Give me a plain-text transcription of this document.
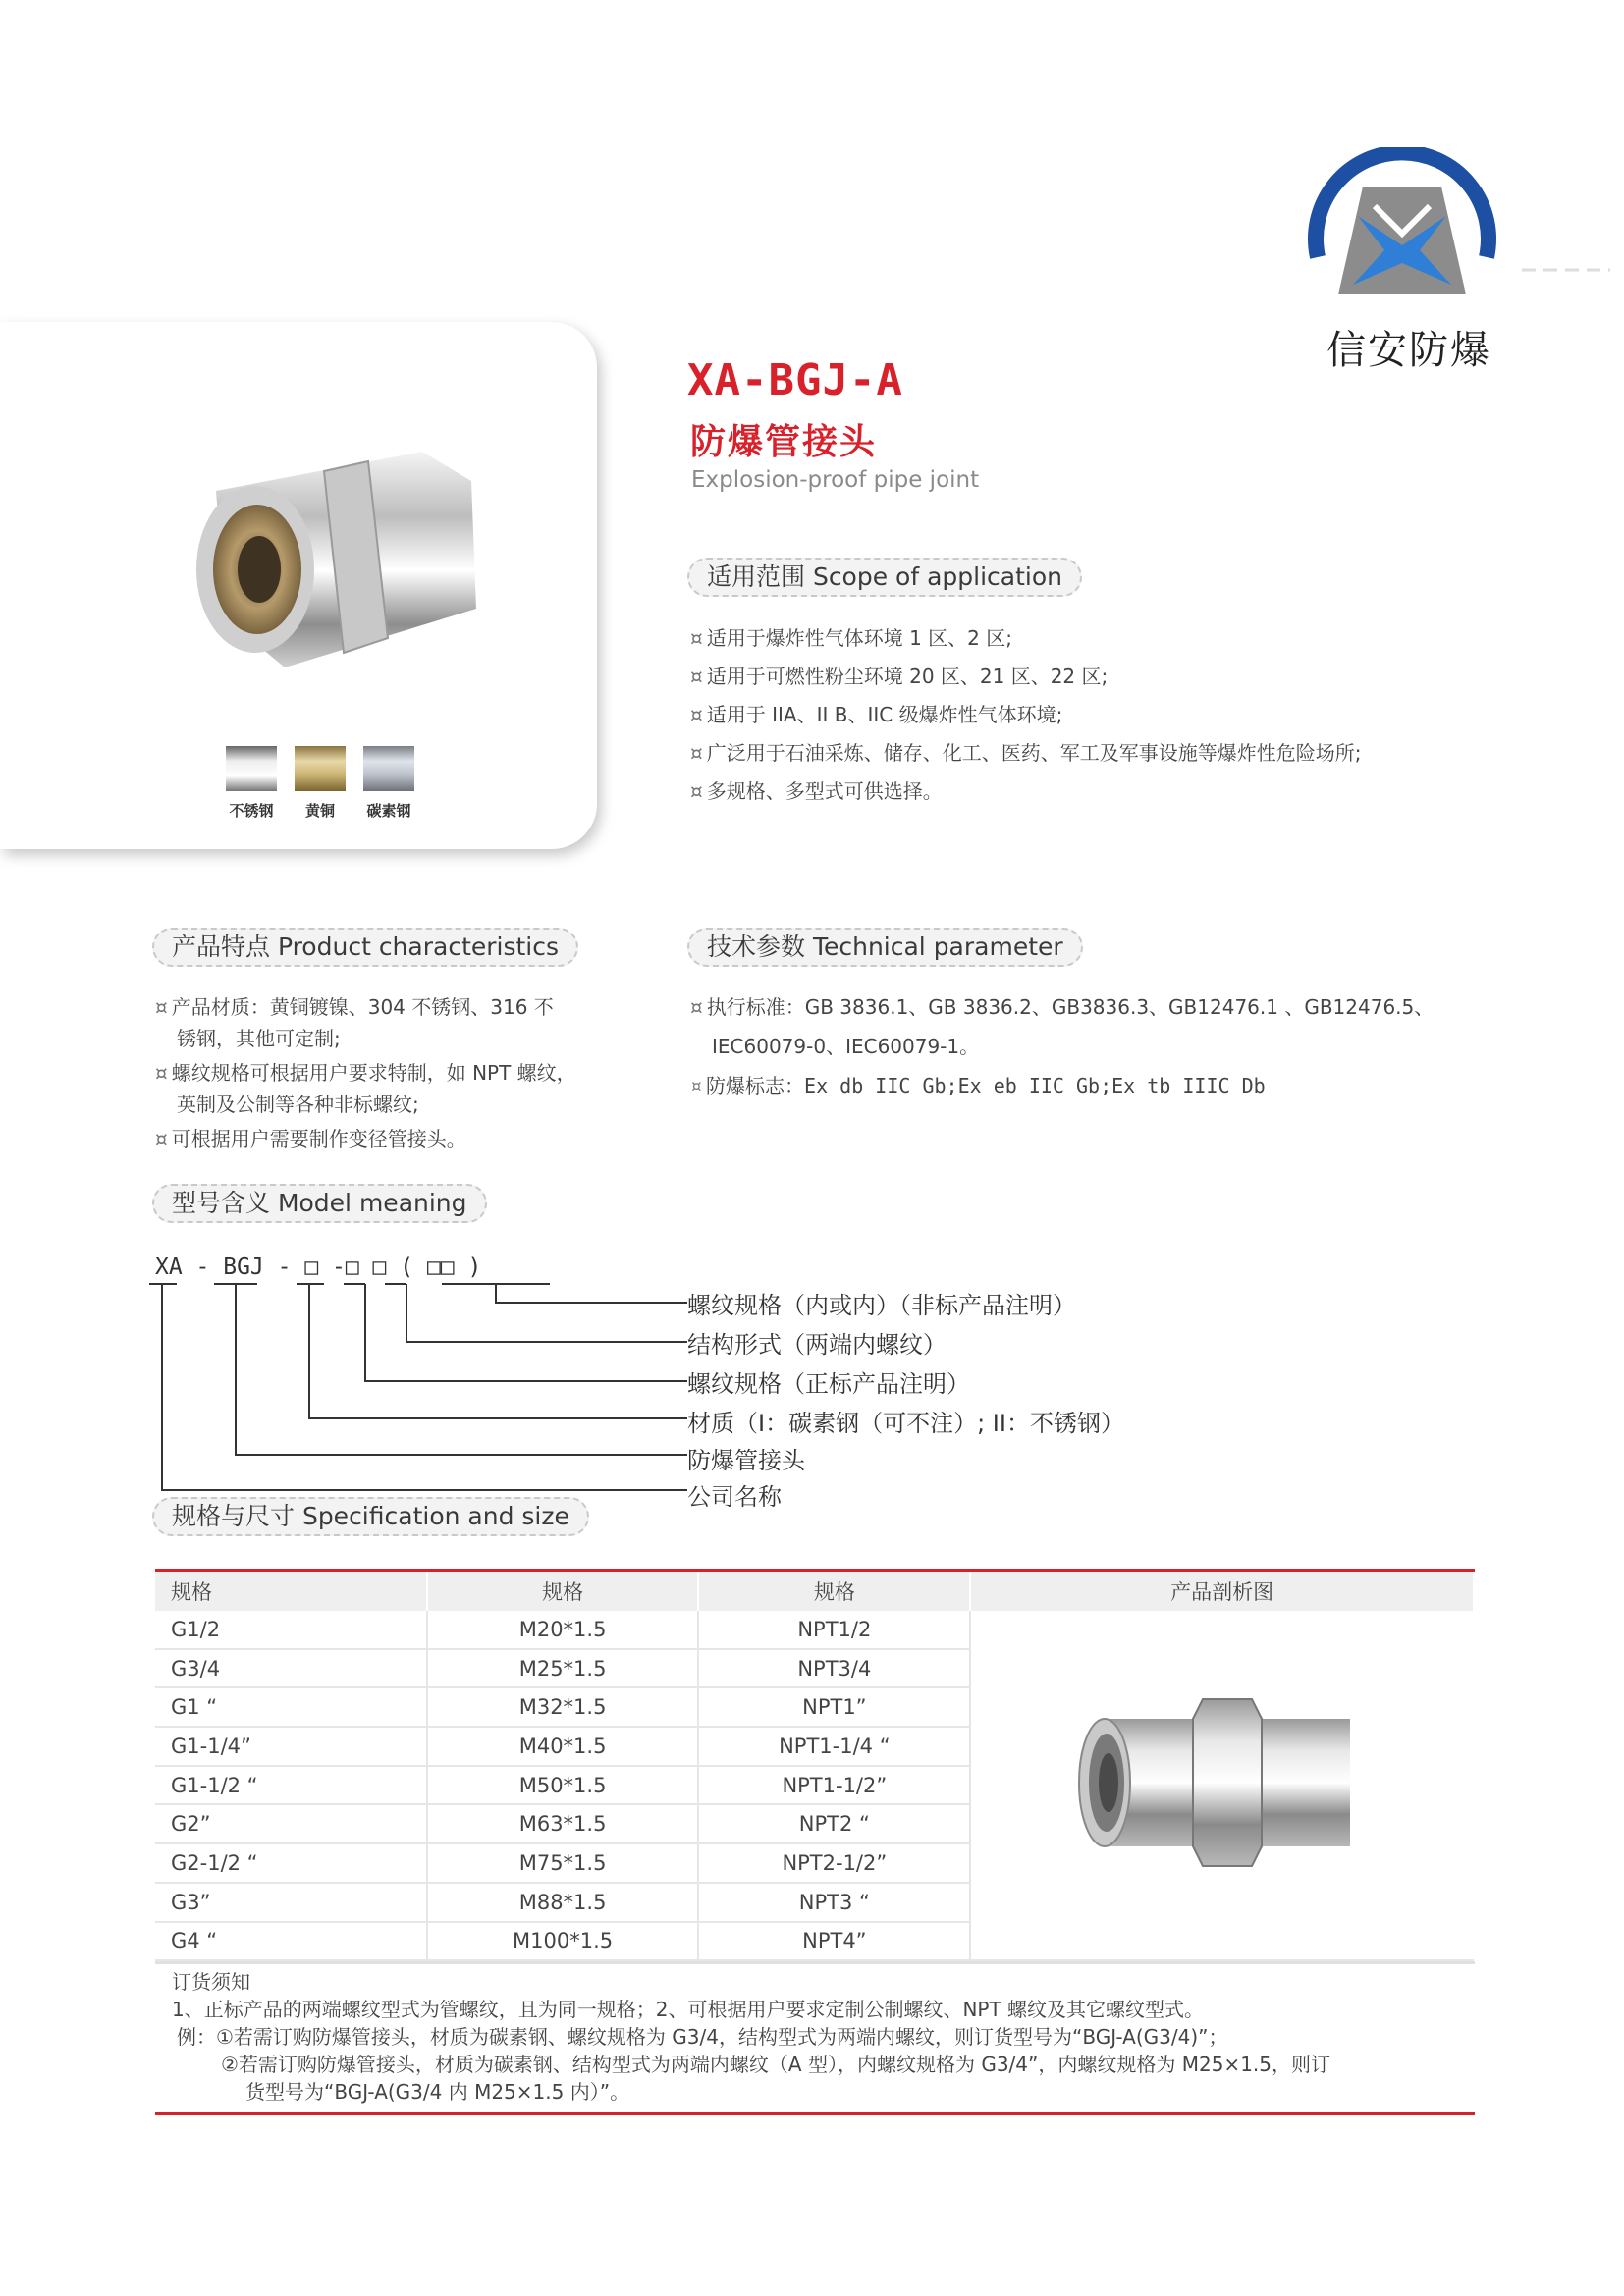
信安防爆
不锈钢	黄铜	碳素钢
XA-BGJ-A
防爆管接头
Explosion-proof pipe joint
适用范围 Scope of application
¤ 适用于爆炸性气体环境 1 区、2 区;
¤ 适用于可燃性粉尘环境 20 区、21 区、22 区;
¤ 适用于 IIA、II B、IIC 级爆炸性气体环境;
¤ 广泛用于石油采炼、储存、化工、医药、军工及军事设施等爆炸性危险场所;
¤ 多规格、多型式可供选择。
产品特点 Product characteristics
¤ 产品材质：黄铜镀镍、304 不锈钢、316 不
锈钢，其他可定制;
¤ 螺纹规格可根据用户要求特制，如 NPT 螺纹，
英制及公制等各种非标螺纹;
¤ 可根据用户需要制作变径管接头。
技术参数 Technical parameter
¤ 执行标准：GB 3836.1、GB 3836.2、GB3836.3、GB12476.1 、GB12476.5、
IEC60079-0、IEC60079-1。
¤ 防爆标志：Ex db IIC Gb;Ex eb IIC Gb;Ex tb IIIC Db
型号含义 Model meaning
XA - BGJ - □ -□ □ ( □□ )
螺纹规格（内或内）（非标产品注明）
结构形式（两端内螺纹）
螺纹规格（正标产品注明）
材质（I：碳素钢（可不注）; II：不锈钢）
防爆管接头
公司名称
规格与尺寸 Specification and size
规格	规格	规格	产品剖析图
G1/2	M20*1.5	NPT1/2	
G3/4	M25*1.5	NPT3/4	
G1 “	M32*1.5	NPT1”	
G1-1/4”	M40*1.5	NPT1-1/4 “	
G1-1/2 “	M50*1.5	NPT1-1/2”	
G2”	M63*1.5	NPT2 “	
G2-1/2 “	M75*1.5	NPT2-1/2”	
G3”	M88*1.5	NPT3 “	
G4 “	M100*1.5	NPT4”	
订货须知
1、正标产品的两端螺纹型式为管螺纹，且为同一规格；2、可根据用户要求定制公制螺纹、NPT 螺纹及其它螺纹型式。
例：①若需订购防爆管接头，材质为碳素钢、螺纹规格为 G3/4，结构型式为两端内螺纹，则订货型号为“BGJ-A(G3/4)”；
②若需订购防爆管接头，材质为碳素钢、结构型式为两端内螺纹（A 型），内螺纹规格为 G3/4”，内螺纹规格为 M25×1.5，则订
货型号为“BGJ-A(G3/4 内 M25×1.5 内）”。
